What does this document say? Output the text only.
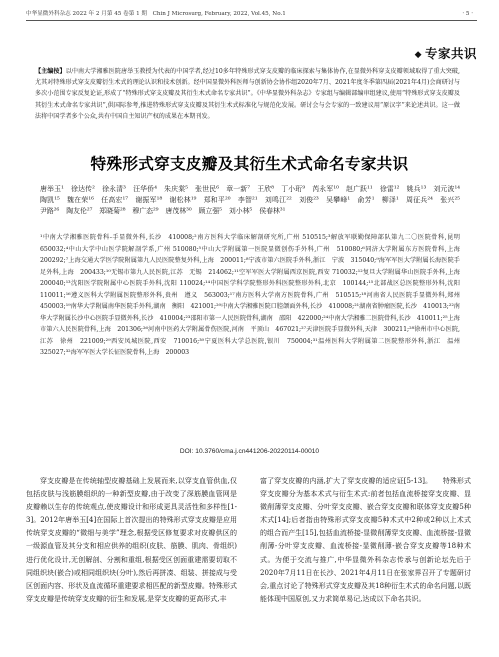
中华显微外科杂志 2022 年 2 月第 45 卷第 1 期　Chin J Microsurg, February, 2022, Vol.45, No.1	· 5 ·
◆ 专家共识
【主编按】以中南大学湘雅医院唐举玉教授为代表的中国学者,经过10多年特殊形式穿支皮瓣的临床探索与集体协作,在显微外科穿支皮瓣领域取得了重大突破,尤其对特殊形式穿支皮瓣衍生术式的理论认识和技术创新。经中国显微外科医师与创新协会协作组2020年7月、2021年度冬季第四届(2021年4月)会商研讨与多次小范围专家反复论证,形成了“特殊形式穿支皮瓣及其衍生术式命名专家共识”。《中华显微外科杂志》专家组与编辑部编审组建议,使用“特殊形式穿支皮瓣及其衍生术式命名专家共识”,供国际参考,推进特殊形式穿支皮瓣及其衍生术式标准化与规范化发展。研讨会与会专家的一致建议用“原汉字”来论述共识。这一做法将中国学者多个公众,共有中国自主知识产权的成果在本期刊发。
特殊形式穿支皮瓣及其衍生术式命名专家共识
唐举玉¹　徐达传²　徐永清³　汪华侨⁴　朱庆棠⁵　张世民⁶　章一新⁷　王欣⁸　丁小珩⁹　芮永军¹⁰　赵广跃¹¹　徐雷¹²　姚兵¹³　刘元波¹⁴　陶凯¹⁵　魏在荣¹⁶　任高宏¹⁷　谢振军¹⁸　谢松林¹⁹　郑和平²⁰　李智²¹　刘鸣江²²　刘俊²³　吴攀峰¹　俞芳¹　柳泽¹　周征兵²⁴　张兴²⁵　尹路²⁶　陶友伦²⁷　郑晓菊²⁸　穆广态²⁹　唐茂林³⁰　顾立强⁵　刘小林⁵　侯春林³¹
¹中南大学湘雅医院骨科-手显微外科,长沙　410008;²南方医科大学临床解剖研究所,广州 510515;³解放军联勤保障部队第九二〇医院骨科,昆明　650032;⁴中山大学中山医学院解剖学系,广州 510080;⁵中山大学附属第一医院显微创伤手外科,广州　510080;⁶同济大学附属东方医院骨科,上海　200292;⁷上海交通大学医学院附属第九人民医院整复外科,上海　200011;⁸宁波市第六医院手外科,浙江　宁波　315040;⁹海军军医大学附属长海医院手足外科,上海　200433;¹⁰无锡市第九人民医院,江苏　无锡　214062;¹¹空军军医大学附属西京医院,西安 710032;¹²复旦大学附属华山医院手外科,上海　200040;¹³沈阳医学院附属中心医院手外科,沈阳 110024;¹⁴中国医学科学院整形外科医院整形外科,北京　100144;¹⁵北部战区总医院整形外科,沈阳　110011;¹⁶遵义医科大学附属医院整形外科,贵州　遵义　563003;¹⁷南方医科大学南方医院骨科,广州　510515;¹⁸河南省人民医院手显微外科,郑州　450003;¹⁹南华大学附属南华医院手外科,湖南　衡阳　421001;²⁰中南大学湘雅医院口腔颌面外科,长沙　410008;²¹湖南省肿瘤医院,长沙　410013;²²南华大学附属长沙中心医院手显微外科,长沙　410004;²³邵阳市第一人民医院骨科,湖南　邵阳　422000;²⁴中南大学湘雅二医院骨科,长沙　410011;²⁵上海市第六人民医院骨科,上海　201306;²⁶河南中医药大学附属骨伤医院,河南　平顶山　467021;²⁷天津医院手显微外科,天津　300211;²⁸徐州市中心医院,江苏　徐州　221009;²⁹西安凤城医院,西安　710016;³⁰宁夏医科大学总医院,银川　750004;³¹温州医科大学附属第二医院整形外科,浙江　温州　325027;³²海军军医大学长征医院骨科,上海　200003
DOI: 10.3760/cma.j.cn441206-20220114-00010

穿支皮瓣是在传统轴型皮瓣基础上发展而来,以穿支血管供血,仅包括皮肤与浅筋膜组织的一种新型皮瓣,由于改变了深筋膜血管网是皮瓣赖以生存的传统观点,使皮瓣设计和形成更具灵活性和多样性[1-3]。2012年唐举玉[4]在国际上首次提出的特殊形式穿支皮瓣是应用传统穿支皮瓣的“微细与美学”理念,根据受区修复要求对皮瓣供区的一级源血管及其分支和相应供养的组织(皮肤、筋膜、肌肉、骨组织)进行优化设计,无创解剖、分割和重组,根据受区创面重建需要切取不同组织块(嵌合)或相同组织块(分叶),然后再拼凑、组装、拼接成与受区创面内容、形状及血流循环重建要求相匹配的新型皮瓣。特殊形式穿支皮瓣是传统穿支皮瓣的衍生和发展,是穿支皮瓣的更高形式,丰

富了穿支皮瓣的内涵,扩大了穿支皮瓣的适应证[5-13]。　　特殊形式穿支皮瓣分为基本术式与衍生术式:前者包括血流桥接穿支皮瓣、显微削薄穿支皮瓣、分叶穿支皮瓣、嵌合穿支皮瓣和联体穿支皮瓣5种术式[14];后者指由特殊形式穿支皮瓣5种术式中2种或2种以上术式的组合而产生[15],包括血流桥接-显微削薄穿支皮瓣、血流桥接-显微削薄-分叶穿支皮瓣、血流桥接-显微削薄-嵌合穿支皮瓣等18种术式。为便于交流与推广,中华显微外科杂志传承与创新论坛先后于2020年7月11日在长沙、2021年4月11日在张家界召开了专题研讨会,重点讨论了特殊形式穿支皮瓣及其18种衍生术式的命名问题,以既能体现中国原创,又力求简单易记,达成以下命名共识。
